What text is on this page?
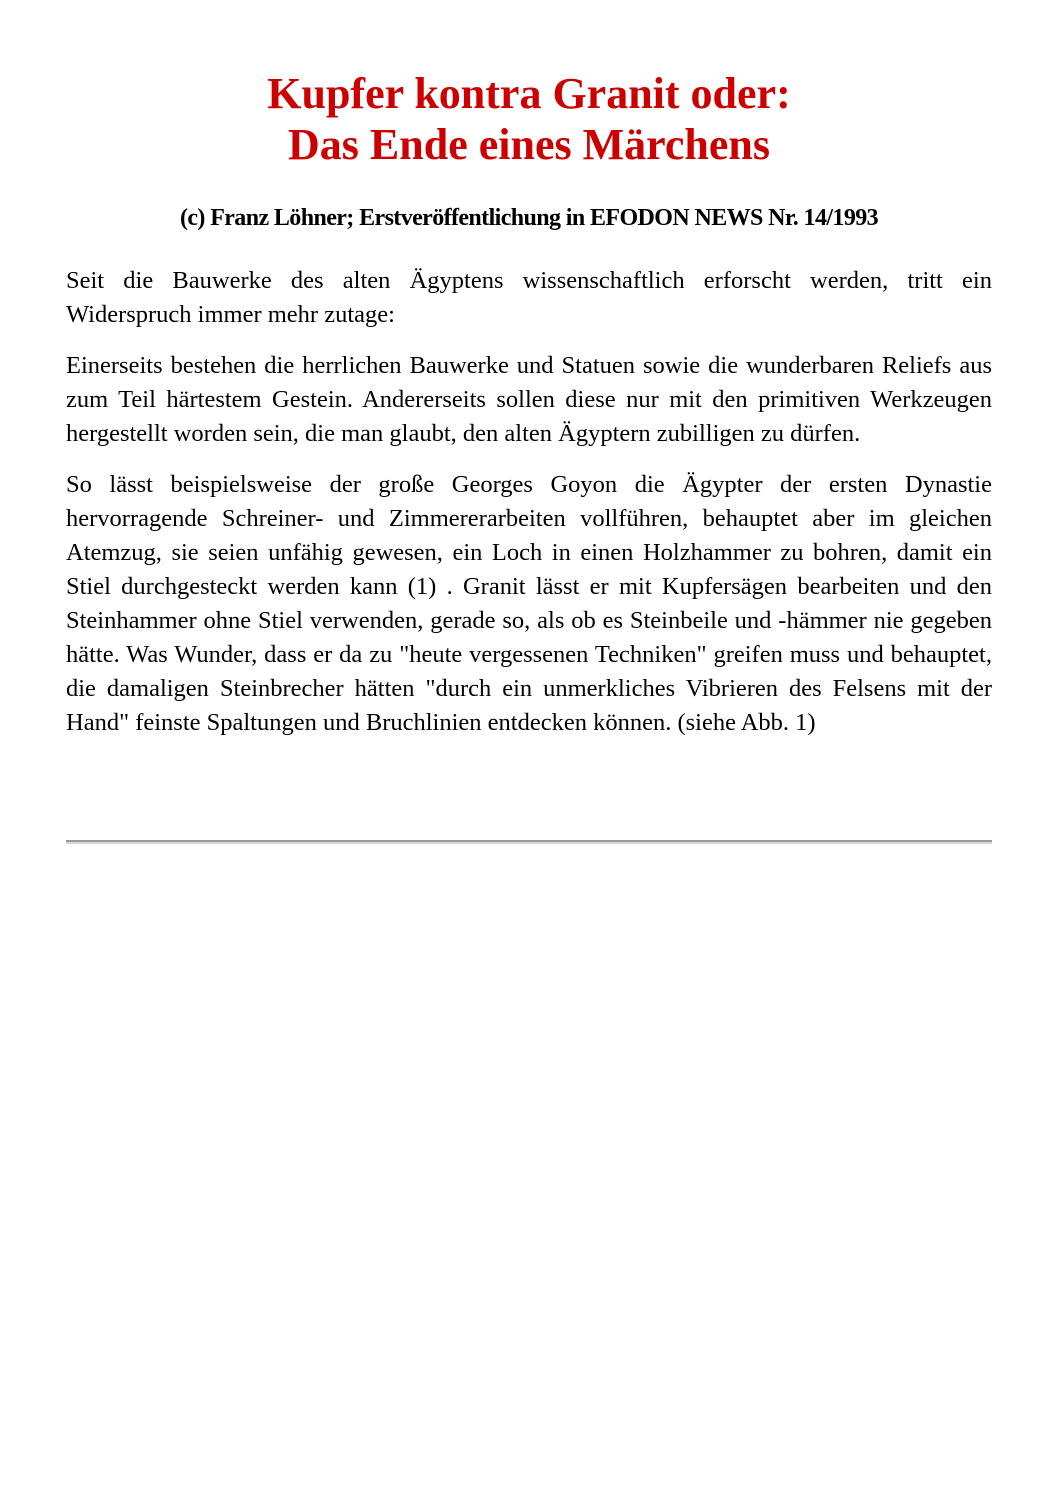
Kupfer kontra Granit oder:
Das Ende eines Märchens

(c) Franz Löhner; Erstveröffentlichung in EFODON NEWS Nr. 14/1993

Seit die Bauwerke des alten Ägyptens wissenschaftlich erforscht werden, tritt ein Widerspruch immer mehr zutage:

Einerseits bestehen die herrlichen Bauwerke und Statuen sowie die wunderbaren Reliefs aus zum Teil härtestem Gestein. Andererseits sollen diese nur mit den primitiven Werkzeugen hergestellt worden sein, die man glaubt, den alten Ägyptern zubilligen zu dürfen.

So lässt beispielsweise der große Georges Goyon die Ägypter der ersten Dynastie hervorragende Schreiner- und Zimmererarbeiten vollführen, behauptet aber im gleichen Atemzug, sie seien unfähig gewesen, ein Loch in einen Holzhammer zu bohren, damit ein Stiel durchgesteckt werden kann (1) . Granit lässt er mit Kupfersägen bearbeiten und den Steinhammer ohne Stiel verwenden, gerade so, als ob es Steinbeile und -hämmer nie gegeben hätte. Was Wunder, dass er da zu "heute vergessenen Techniken" greifen muss und behauptet, die damaligen Steinbrecher hätten "durch ein unmerkliches Vibrieren des Felsens mit der Hand" feinste Spaltungen und Bruchlinien entdecken können. (siehe Abb. 1)
